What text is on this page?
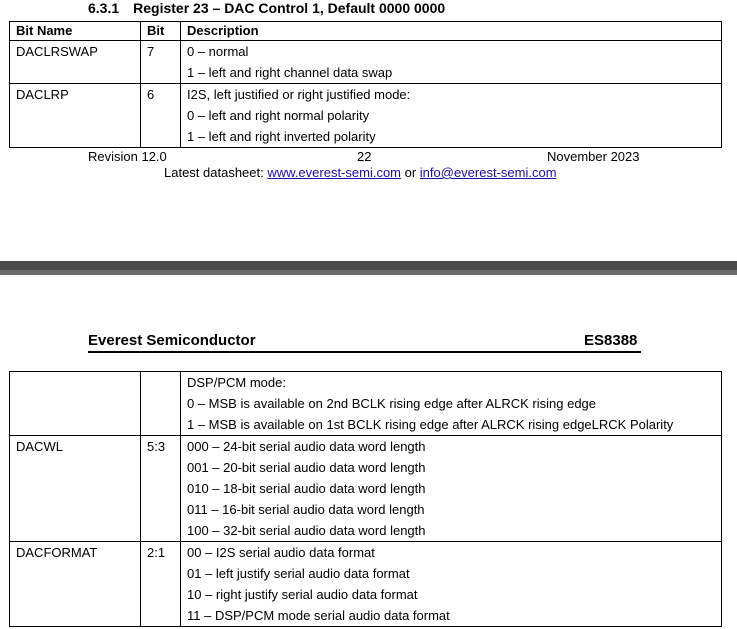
6.3.1 Register 23 – DAC Control 1, Default 0000 0000
Bit Name	Bit	Description
DACLRSWAP	7	0 – normal
1 – left and right channel data swap

DACLRP	6	I2S, left justified or right justified mode:
0 – left and right normal polarity
1 – left and right inverted polarity
Revision 12.0	22	November 2023
Latest datasheet: www.everest-semi.com or info@everest-semi.com
Everest Semiconductor	ES8388

		DSP/PCM mode:
0 – MSB is available on 2nd BCLK rising edge after ALRCK rising edge
1 – MSB is available on 1st BCLK rising edge after ALRCK rising edgeLRCK Polarity

DACWL	5:3	000 – 24-bit serial audio data word length
001 – 20-bit serial audio data word length
010 – 18-bit serial audio data word length
011 – 16-bit serial audio data word length
100 – 32-bit serial audio data word length

DACFORMAT	2:1	00 – I2S serial audio data format
01 – left justify serial audio data format
10 – right justify serial audio data format
11 – DSP/PCM mode serial audio data format
